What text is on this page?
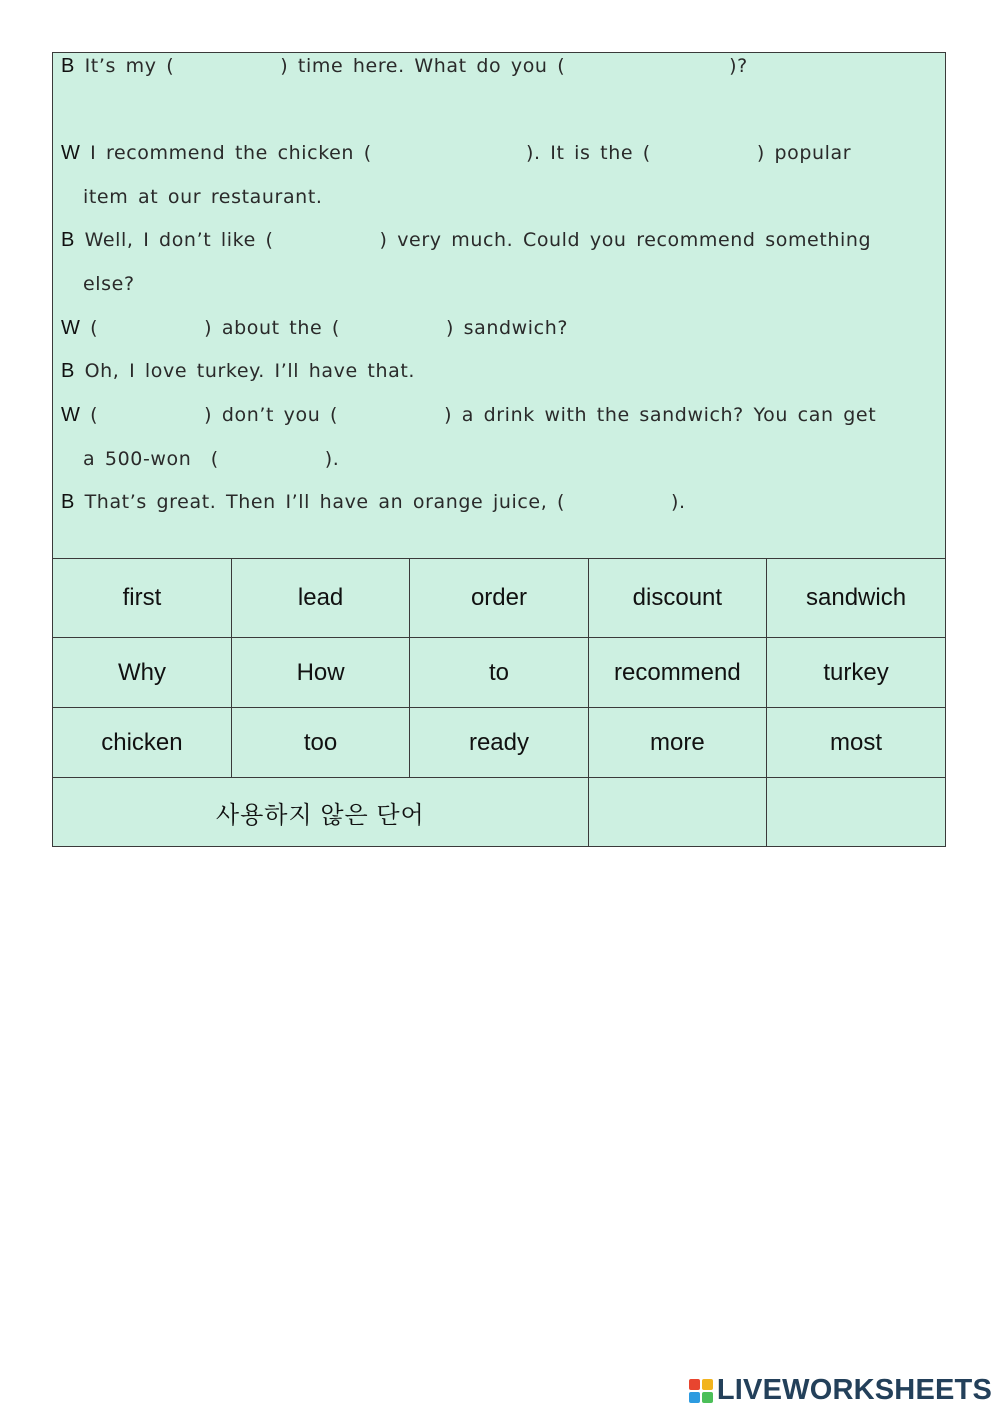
B It’s my (           ) time here. What do you (                 )?
W I recommend the chicken (                ). It is the (           ) popular
item at our restaurant.
B Well, I don’t like (           ) very much. Could you recommend something
else?
W (           ) about the (           ) sandwich?
B Oh, I love turkey. I’ll have that.
W (           ) don’t you (           ) a drink with the sandwich? You can get
a 500-won  (           ).
B That’s great. Then I’ll have an orange juice, (           ).
first	lead	order	discount	sandwich
Why	How	to	recommend	turkey
chicken	too	ready	more	most
사용하지 않은 단어				
LIVEWORKSHEETS
